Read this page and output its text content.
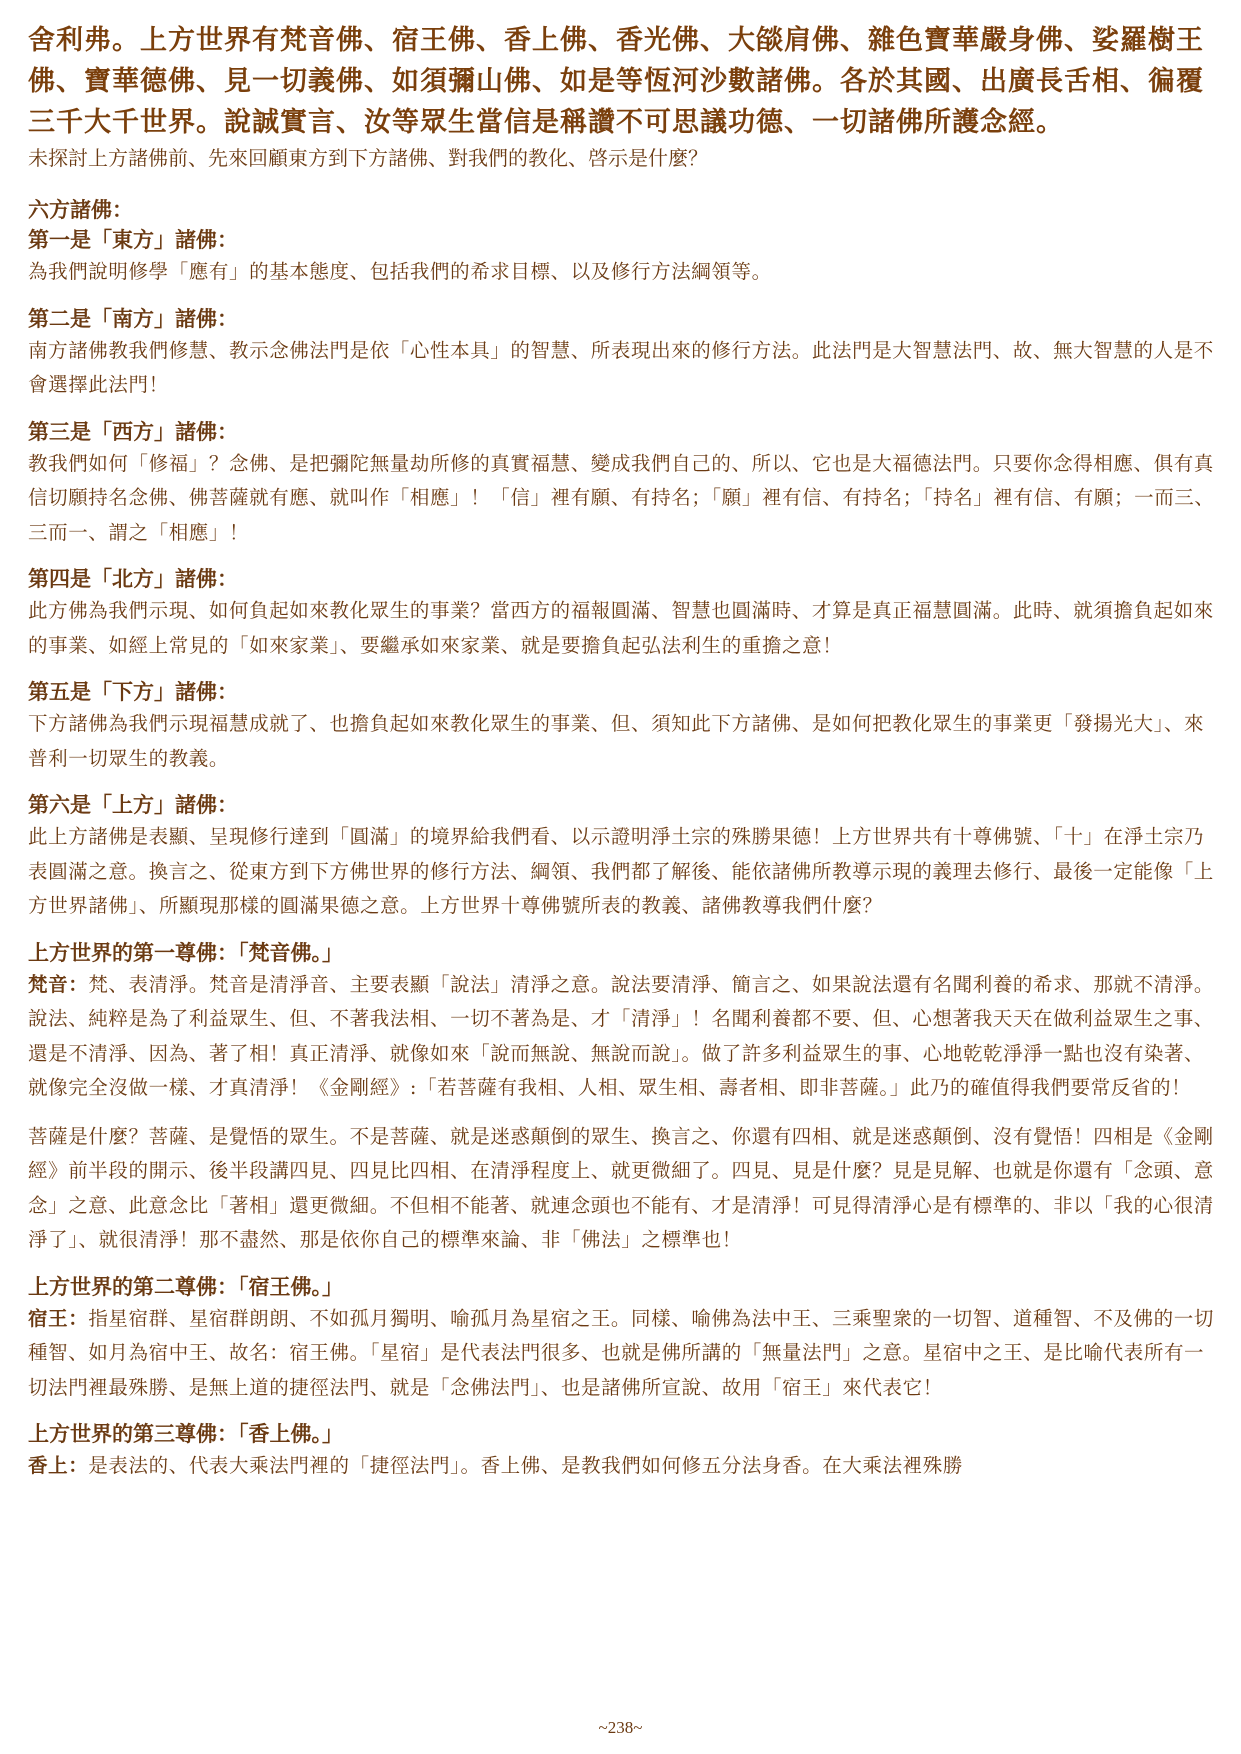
舍利弗。上方世界有梵音佛、宿王佛、香上佛、香光佛、大燄肩佛、雜色寶華嚴身佛、娑羅樹王佛、寶華德佛、見一切義佛、如須彌山佛、如是等恆河沙數諸佛。各於其國、出廣長舌相、徧覆三千大千世界。說誠實言、汝等眾生當信是稱讚不可思議功德、一切諸佛所護念經。

未探討上方諸佛前、先來回顧東方到下方諸佛、對我們的教化、啓示是什麼？

六方諸佛：

第一是「東方」諸佛：

為我們說明修學「應有」的基本態度、包括我們的希求目標、以及修行方法綱領等。

第二是「南方」諸佛：

南方諸佛教我們修慧、教示念佛法門是依「心性本具」的智慧、所表現出來的修行方法。此法門是大智慧法門、故、無大智慧的人是不會選擇此法門！

第三是「西方」諸佛：

教我們如何「修福」？念佛、是把彌陀無量劫所修的真實福慧、變成我們自己的、所以、它也是大福德法門。只要你念得相應、俱有真信切願持名念佛、佛菩薩就有應、就叫作「相應」！「信」裡有願、有持名；「願」裡有信、有持名；「持名」裡有信、有願；一而三、三而一、謂之「相應」！

第四是「北方」諸佛：

此方佛為我們示現、如何負起如來教化眾生的事業？當西方的福報圓滿、智慧也圓滿時、才算是真正福慧圓滿。此時、就須擔負起如來的事業、如經上常見的「如來家業」、要繼承如來家業、就是要擔負起弘法利生的重擔之意！

第五是「下方」諸佛：

下方諸佛為我們示現福慧成就了、也擔負起如來教化眾生的事業、但、須知此下方諸佛、是如何把教化眾生的事業更「發揚光大」、來普利一切眾生的教義。

第六是「上方」諸佛：

此上方諸佛是表顯、呈現修行達到「圓滿」的境界給我們看、以示證明淨土宗的殊勝果德！上方世界共有十尊佛號、「十」在淨土宗乃表圓滿之意。換言之、從東方到下方佛世界的修行方法、綱領、我們都了解後、能依諸佛所教導示現的義理去修行、最後一定能像「上方世界諸佛」、所顯現那樣的圓滿果德之意。上方世界十尊佛號所表的教義、諸佛教導我們什麼？

上方世界的第一尊佛：「梵音佛。」

梵音：梵、表清淨。梵音是清淨音、主要表顯「說法」清淨之意。說法要清淨、簡言之、如果說法還有名聞利養的希求、那就不清淨。說法、純粹是為了利益眾生、但、不著我法相、一切不著為是、才「清淨」！名聞利養都不要、但、心想著我天天在做利益眾生之事、還是不清淨、因為、著了相！真正清淨、就像如來「說而無說、無說而說」。做了許多利益眾生的事、心地乾乾淨淨一點也沒有染著、就像完全沒做一樣、才真清淨！《金剛經》:「若菩薩有我相、人相、眾生相、壽者相、即非菩薩。」此乃的確值得我們要常反省的！

菩薩是什麼？菩薩、是覺悟的眾生。不是菩薩、就是迷惑顛倒的眾生、換言之、你還有四相、就是迷惑顛倒、沒有覺悟！四相是《金剛經》前半段的開示、後半段講四見、四見比四相、在清淨程度上、就更微細了。四見、見是什麼？見是見解、也就是你還有「念頭、意念」之意、此意念比「著相」還更微細。不但相不能著、就連念頭也不能有、才是清淨！可見得清淨心是有標準的、非以「我的心很清淨了」、就很清淨！那不盡然、那是依你自己的標準來論、非「佛法」之標準也！

上方世界的第二尊佛：「宿王佛。」

宿王：指星宿群、星宿群朗朗、不如孤月獨明、喻孤月為星宿之王。同樣、喻佛為法中王、三乘聖衆的一切智、道種智、不及佛的一切種智、如月為宿中王、故名：宿王佛。「星宿」是代表法門很多、也就是佛所講的「無量法門」之意。星宿中之王、是比喻代表所有一切法門裡最殊勝、是無上道的捷徑法門、就是「念佛法門」、也是諸佛所宣說、故用「宿王」來代表它！

上方世界的第三尊佛：「香上佛。」

香上：是表法的、代表大乘法門裡的「捷徑法門」。香上佛、是教我們如何修五分法身香。在大乘法裡殊勝

~238~
